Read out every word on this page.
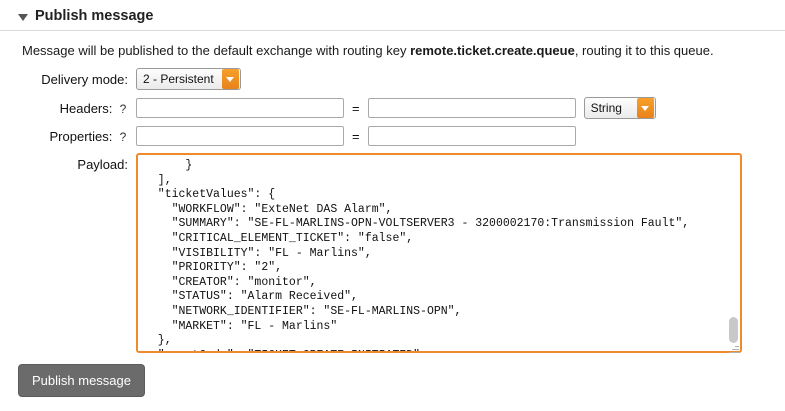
Publish message
Message will be published to the default exchange with routing key remote.ticket.create.queue, routing it to this queue.
Delivery mode:	2 - Persistent
Headers: ?	=	String
Properties: ?	=
Payload:
} ], "ticketValues": { "WORKFLOW": "ExteNet DAS Alarm", "SUMMARY": "SE-FL-MARLINS-OPN-VOLTSERVER3 - 3200002170:Transmission Fault", "CRITICAL_ELEMENT_TICKET": "false", "VISIBILITY": "FL - Marlins", "PRIORITY": "2", "CREATOR": "monitor", "STATUS": "Alarm Received", "NETWORK_IDENTIFIER": "SE-FL-MARLINS-OPN", "MARKET": "FL - Marlins" }, "eventCode": "TICKET_CREATE_INITIATED", "requestRetryCount": "5" }
Publish message
